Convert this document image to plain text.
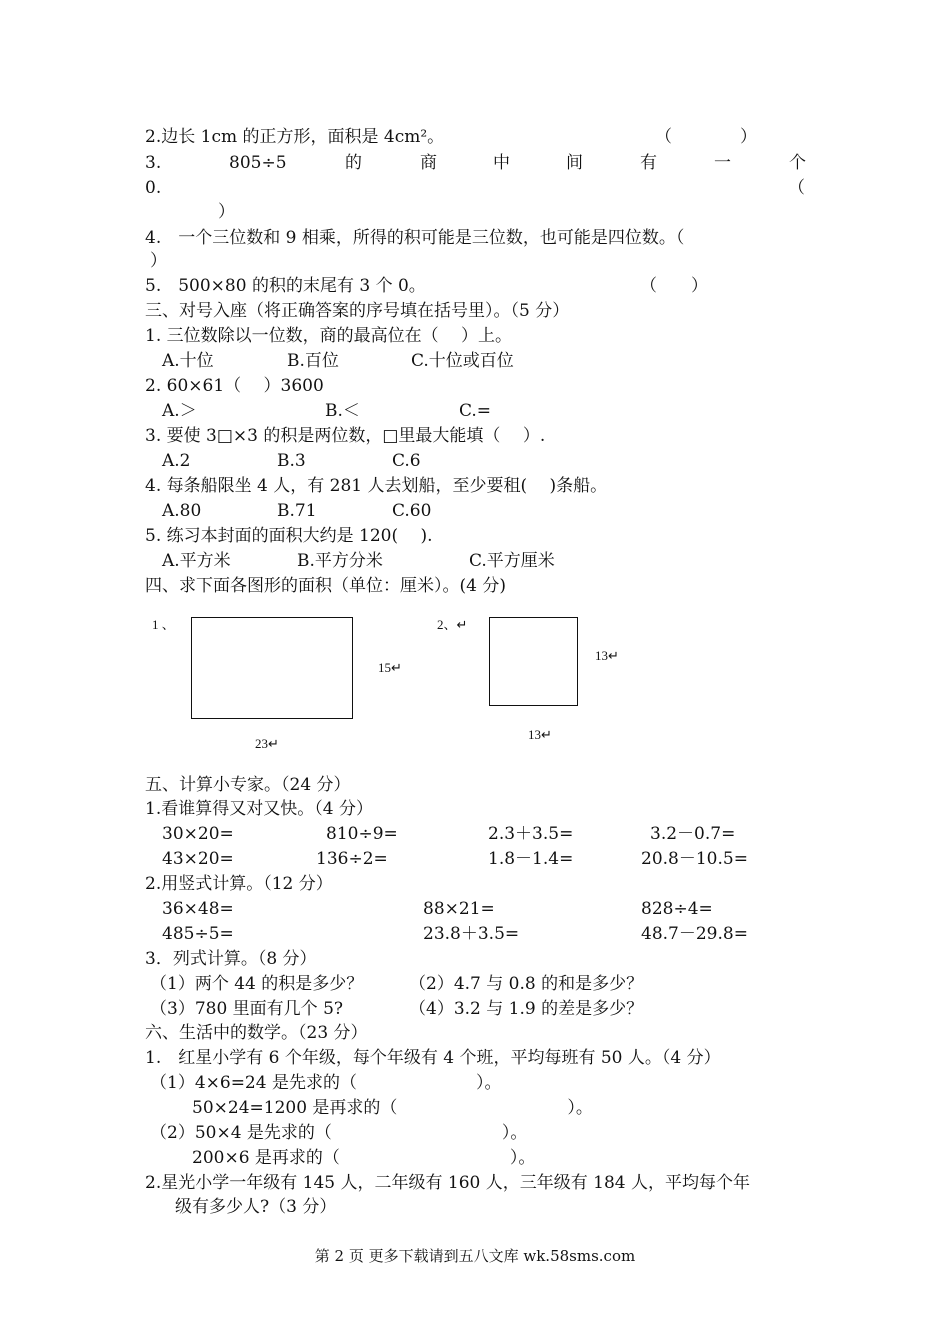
2.边长 1cm 的正方形，面积是 4cm²。	（　　　　）
3.	805÷5	的	商	中	间	有	一	个
0.	（
）
4.　一个三位数和 9 相乘，所得的积可能是三位数，也可能是四位数。（
）
5.　500×80 的积的末尾有 3 个 0。	（　　）
三、对号入座（将正确答案的序号填在括号里）。（5 分）
1. 三位数除以一位数，商的最高位在（　 ）上。
A.十位	B.百位	C.十位或百位
2. 60×61（　 ）3600
A.＞	B.＜	C.=
3. 要使 3□×3 的积是两位数，□里最大能填（　 ）.
A.2	B.3	C.6
4. 每条船限坐 4 人，有 281 人去划船，至少要租(　 )条船。
A.80	B.71	C.60
5. 练习本封面的面积大约是 120(　 ).
A.平方米	B.平方分米	C.平方厘米
四、求下面各图形的面积（单位：厘米）。(4 分)
1 、
15↵
23↵
2、↵
13↵
13↵
五、计算小专家。（24 分）
1.看谁算得又对又快。（4 分）
30×20=	810÷9=	2.3＋3.5=	3.2－0.7=
43×20=	136÷2=	1.8－1.4=	20.8－10.5=
2.用竖式计算。（12 分）
36×48=	88×21=	828÷4=
485÷5=	23.8＋3.5=	48.7－29.8=
3．列式计算。（8 分）
（1）两个 44 的积是多少？	（2）4.7 与 0.8 的和是多少？
（3）780 里面有几个 5?	（4）3.2 与 1.9 的差是多少？
六、生活中的数学。（23 分）
1.　红星小学有 6 个年级，每个年级有 4 个班，平均每班有 50 人。（4 分）
（1）4×6=24 是先求的（　　　　　　　）。
50×24=1200 是再求的（　　　　　　　　　　）。
（2）50×4 是先求的（　　　　　　　　　　）。
200×6 是再求的（　　　　　　　　　　）。
2.星光小学一年级有 145 人，二年级有 160 人，三年级有 184 人，平均每个年
级有多少人?（3 分）
第 2 页 更多下载请到五八文库 wk.58sms.com
